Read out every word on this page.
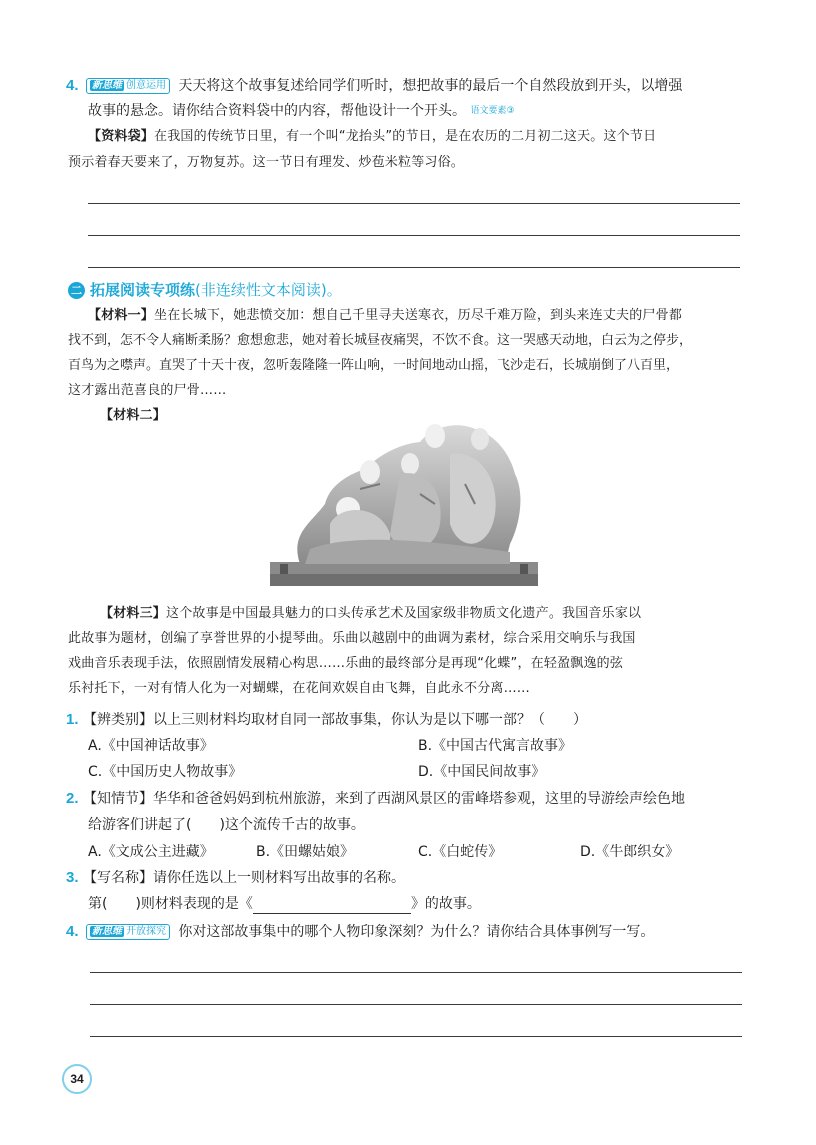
4. 新思维 创意运用 天天将这个故事复述给同学们听时，想把故事的最后一个自然段放到开头，以增强
故事的悬念。请你结合资料袋中的内容，帮他设计一个开头。 语文要素③
【资料袋】在我国的传统节日里，有一个叫“龙抬头”的节日，是在农历的二月初二这天。这个节日
预示着春天要来了，万物复苏。这一节日有理发、炒苞米粒等习俗。
二 拓展阅读专项练(非连续性文本阅读)。
【材料一】坐在长城下，她悲愤交加：想自己千里寻夫送寒衣，历尽千难万险，到头来连丈夫的尸骨都
找不到，怎不令人痛断柔肠？愈想愈悲，她对着长城昼夜痛哭，不饮不食。这一哭感天动地，白云为之停步，
百鸟为之噤声。直哭了十天十夜，忽听轰隆隆一阵山响，一时间地动山摇，飞沙走石，长城崩倒了八百里，
这才露出范喜良的尸骨……
【材料二】
【材料三】这个故事是中国最具魅力的口头传承艺术及国家级非物质文化遗产。我国音乐家以
此故事为题材，创编了享誉世界的小提琴曲。乐曲以越剧中的曲调为素材，综合采用交响乐与我国
戏曲音乐表现手法，依照剧情发展精心构思……乐曲的最终部分是再现“化蝶”，在轻盈飘逸的弦
乐衬托下，一对有情人化为一对蝴蝶，在花间欢娱自由飞舞，自此永不分离……
1. 【辨类别】以上三则材料均取材自同一部故事集，你认为是以下哪一部？（　　）
A.《中国神话故事》	B.《中国古代寓言故事》
C.《中国历史人物故事》	D.《中国民间故事》
2. 【知情节】华华和爸爸妈妈到杭州旅游，来到了西湖风景区的雷峰塔参观，这里的导游绘声绘色地
给游客们讲起了(　　)这个流传千古的故事。
A.《文成公主进藏》	B.《田螺姑娘》	C.《白蛇传》	D.《牛郎织女》
3. 【写名称】请你任选以上一则材料写出故事的名称。
第(　　)则材料表现的是《	》的故事。
4. 新思维 开放探究 你对这部故事集中的哪个人物印象深刻？为什么？请你结合具体事例写一写。
34
